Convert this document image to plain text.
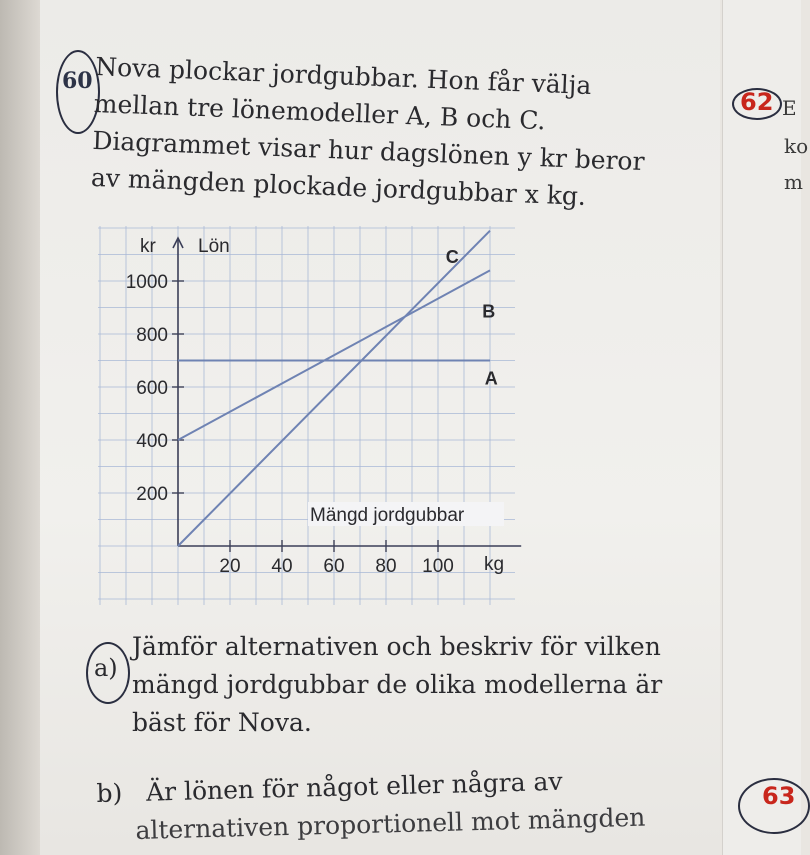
60 Nova plockar jordgubbar. Hon får välja
mellan tre lönemodeller A, B och C.
Diagrammet visar hur dagslönen y kr beror
av mängden plockade jordgubbar x kg.
200
400
600
800
1000
20 40 60 80 100
kr Lön
Mängd jordgubbar
kg
A
B
C
a)
Jämför alternativen och beskriv för vilken
mängd jordgubbar de olika modellerna är
bäst för Nova.
b) Är lönen för något eller några av
alternativen proportionell mot mängden
62 E
ko
m
63
